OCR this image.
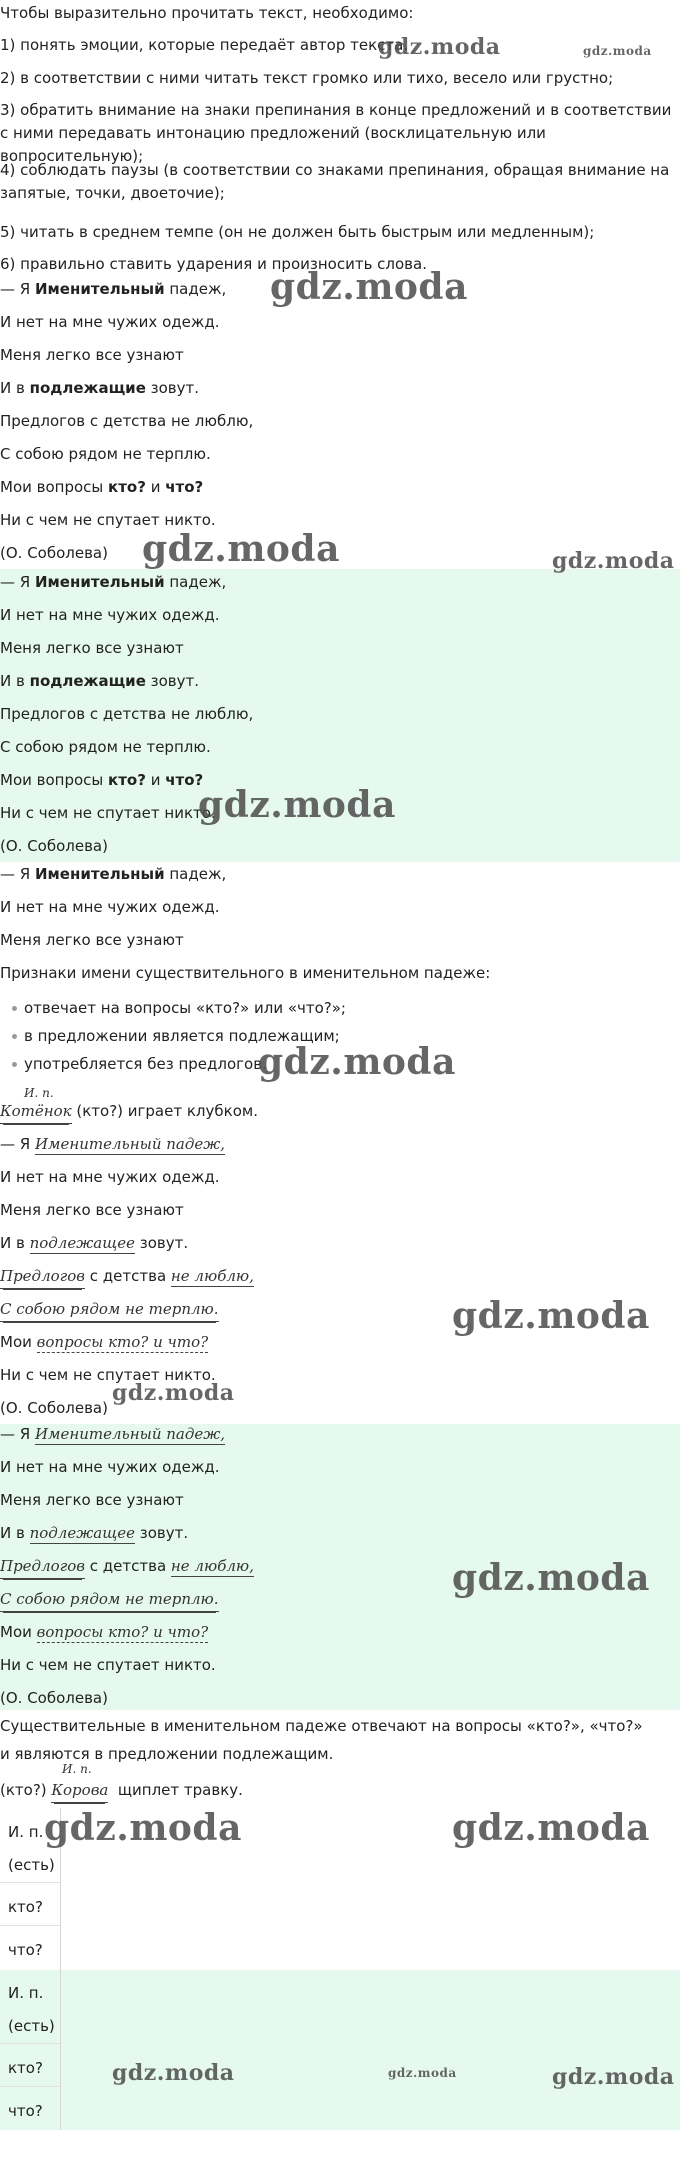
Чтобы выразительно прочитать текст, необходимо:
1) понять эмоции, которые передаёт автор текста.
2) в соответствии с ними читать текст громко или тихо, весело или грустно;
3) обратить внимание на знаки препинания в конце предложений и в соответствии с ними передавать интонацию предложений (восклицательную или вопросительную);
4) соблюдать паузы (в соответствии со знаками препинания, обращая внимание на запятые, точки, двоеточие);
5) читать в среднем темпе (он не должен быть быстрым или медленным);
6) правильно ставить ударения и произносить слова.
— Я Именительный падеж,
И нет на мне чужих одежд.
Меня легко все узнают
И в подлежащие зовут.
Предлогов с детства не люблю,
С собою рядом не терплю.
Мои вопросы кто? и что?
Ни с чем не спутает никто.
(О. Соболева)
— Я Именительный падеж,
И нет на мне чужих одежд.
Меня легко все узнают
И в подлежащие зовут.
Предлогов с детства не люблю,
С собою рядом не терплю.
Мои вопросы кто? и что?
Ни с чем не спутает никто.
(О. Соболева)
— Я Именительный падеж,
И нет на мне чужих одежд.
Меня легко все узнают
Признаки имени существительного в именительном падеже:
отвечает на вопросы «кто?» или «что?»;
в предложении является подлежащим;
употребляется без предлогов.
И. п.
Котёнок (кто?) играет клубком.
— Я Именительный падеж,
И нет на мне чужих одежд.
Меня легко все узнают
И в подлежащее зовут.
Предлогов с детства не люблю,
С собою рядом не терплю.
Мои вопросы кто? и что?
Ни с чем не спутает никто.
(О. Соболева)
— Я Именительный падеж,
И нет на мне чужих одежд.
Меня легко все узнают
И в подлежащее зовут.
Предлогов с детства не люблю,
С собою рядом не терплю.
Мои вопросы кто? и что?
Ни с чем не спутает никто.
(О. Соболева)
Существительные в именительном падеже отвечают на вопросы «кто?», «что?» и являются в предложении подлежащим.
И. п.
(кто?) Корова  щиплет травку.
И. п.
(есть)
кто?
что?
И. п.
(есть)
кто?
что?
gdz.moda	gdz.moda
gdz.moda
gdz.moda	gdz.moda
gdz.moda
gdz.moda
gdz.moda
gdz.moda
gdz.moda
gdz.moda	gdz.moda
gdz.moda	gdz.moda	gdz.moda
